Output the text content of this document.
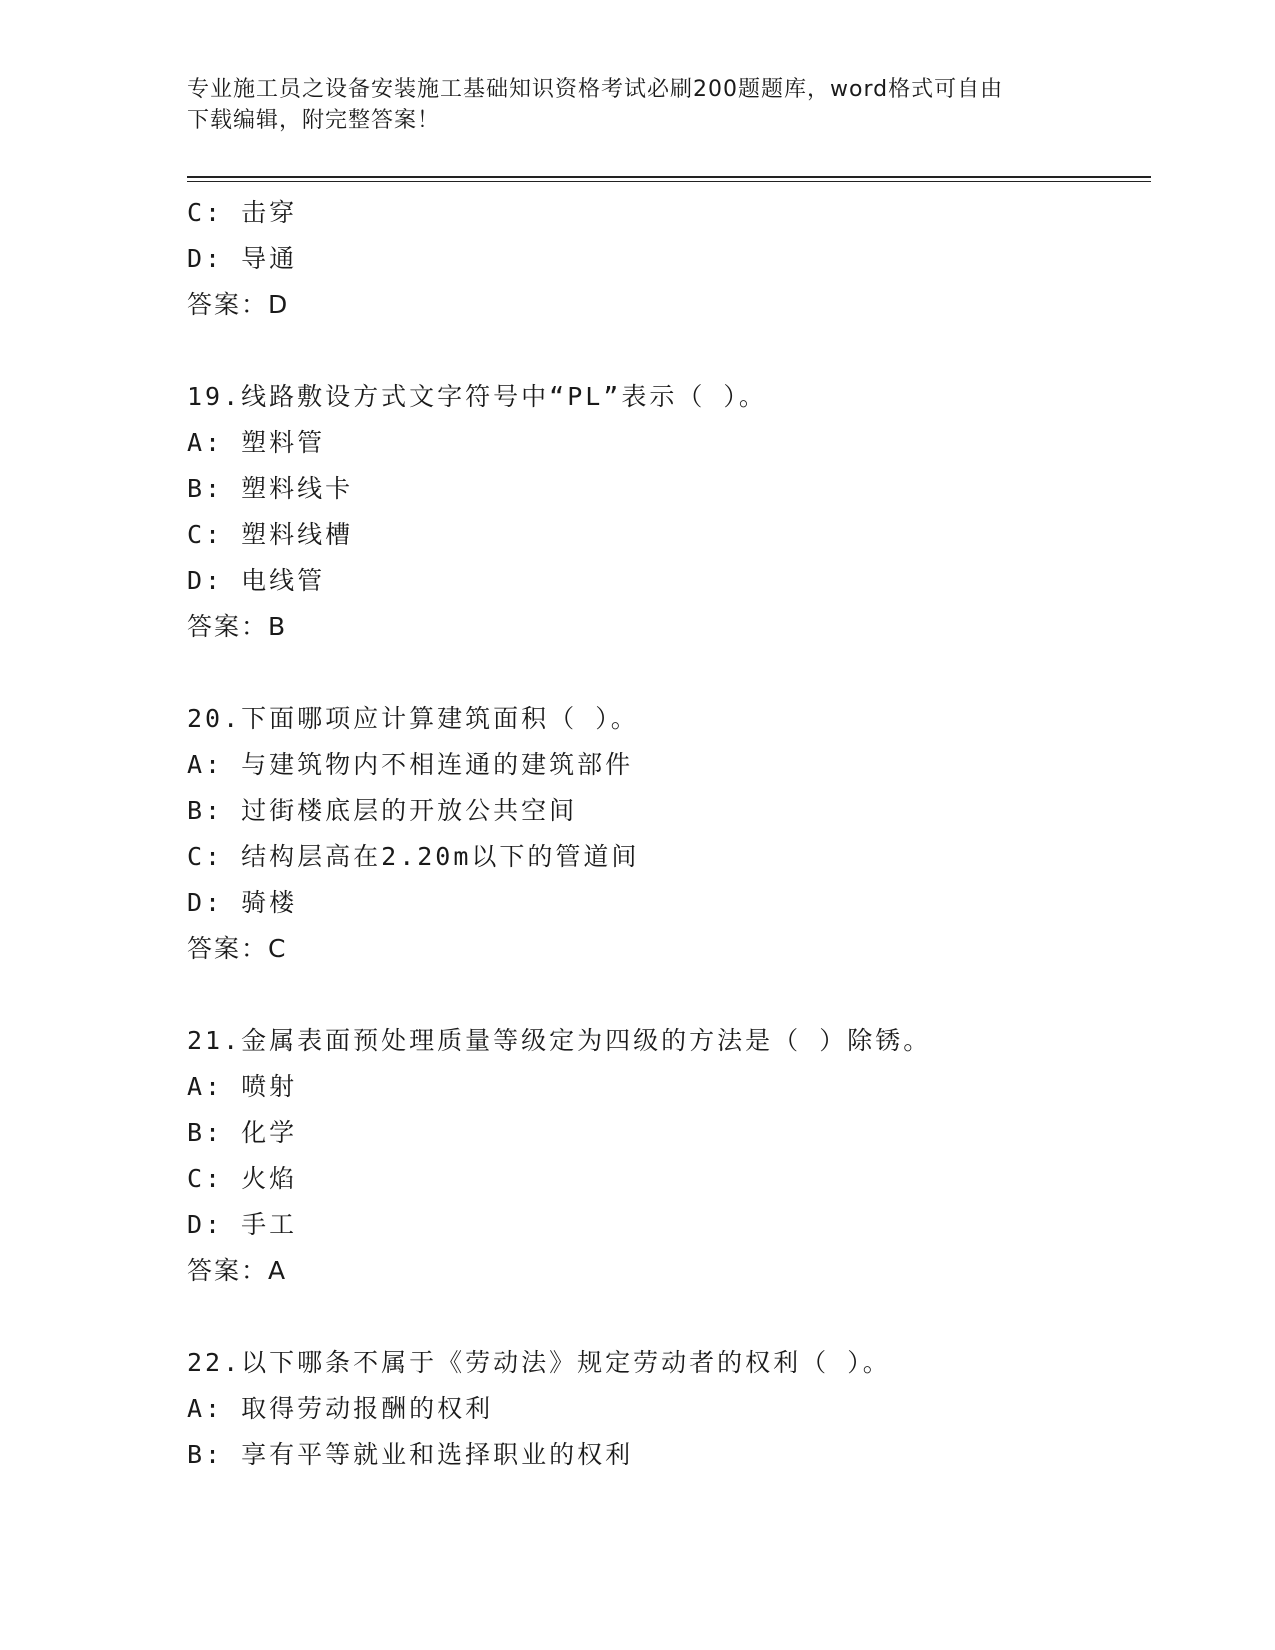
专业施工员之设备安装施工基础知识资格考试必刷200题题库，word格式可自由
下载编辑，附完整答案！
C: 击穿
D: 导通
答案：D
19.线路敷设方式文字符号中“PL”表示（ ）。
A: 塑料管
B: 塑料线卡
C: 塑料线槽
D: 电线管
答案：B
20.下面哪项应计算建筑面积（ ）。
A: 与建筑物内不相连通的建筑部件
B: 过街楼底层的开放公共空间
C: 结构层高在2.20m以下的管道间
D: 骑楼
答案：C
21.金属表面预处理质量等级定为四级的方法是（ ）除锈。
A: 喷射
B: 化学
C: 火焰
D: 手工
答案：A
22.以下哪条不属于《劳动法》规定劳动者的权利（ ）。
A: 取得劳动报酬的权利
B: 享有平等就业和选择职业的权利
